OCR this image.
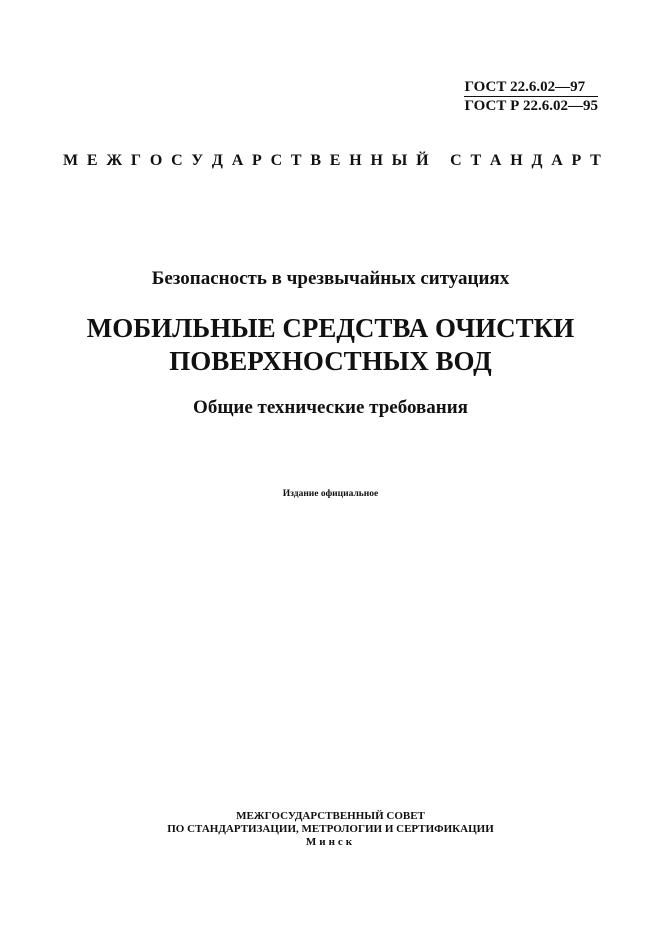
ГОСТ 22.6.02—97
ГОСТ Р 22.6.02—95
М Е Ж Г О С У Д А Р С Т В Е Н Н Ы Й
С Т А Н Д А Р Т
Безопасность в чрезвычайных ситуациях
МОБИЛЬНЫЕ СРЕДСТВА ОЧИСТКИ
ПОВЕРХНОСТНЫХ ВОД
Общие технические требования
Издание официальное
МЕЖГОСУДАРСТВЕННЫЙ СОВЕТ
ПО СТАНДАРТИЗАЦИИ, МЕТРОЛОГИИ И СЕРТИФИКАЦИИ
Минск
